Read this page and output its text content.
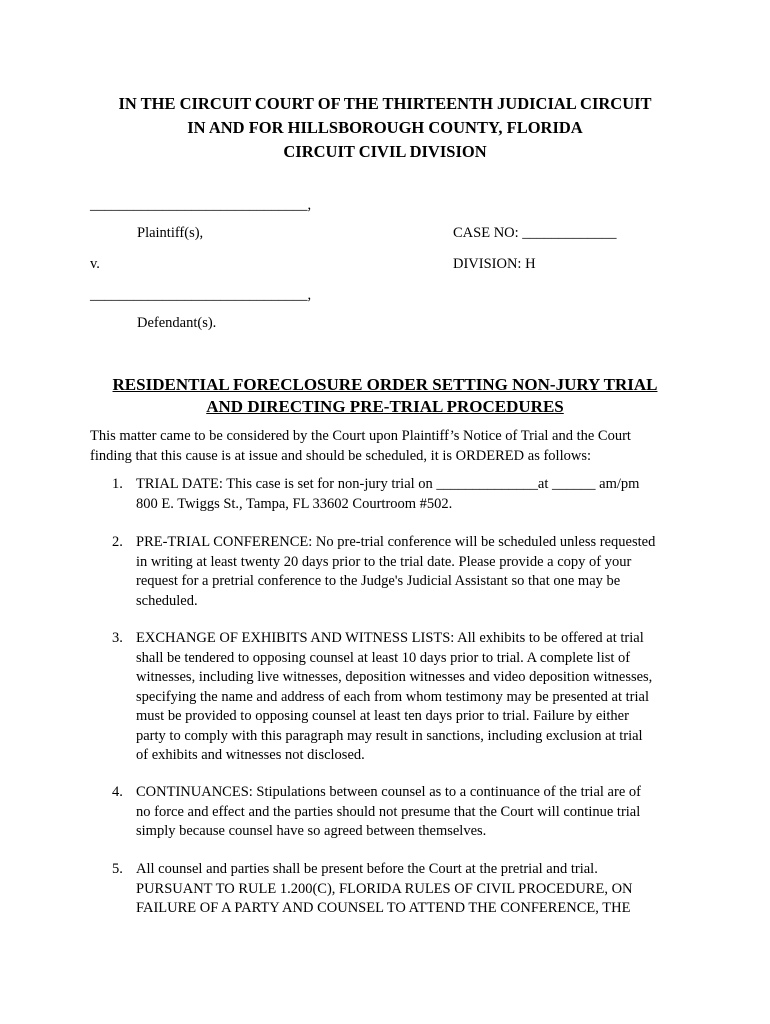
IN THE CIRCUIT COURT OF THE THIRTEENTH JUDICIAL CIRCUIT
IN AND FOR HILLSBOROUGH COUNTY, FLORIDA
CIRCUIT CIVIL DIVISION
______________________________,
Plaintiff(s),
v.
______________________________,
Defendant(s).
CASE NO: _____________
DIVISION: H
RESIDENTIAL FORECLOSURE ORDER SETTING NON-JURY TRIAL
AND DIRECTING PRE-TRIAL PROCEDURES
This matter came to be considered by the Court upon Plaintiff’s Notice of Trial and the Court
finding that this cause is at issue and should be scheduled, it is ORDERED as follows:
1. TRIAL DATE: This case is set for non-jury trial on ______________at ______ am/pm
800 E. Twiggs St., Tampa, FL 33602 Courtroom #502.
2. PRE-TRIAL CONFERENCE: No pre-trial conference will be scheduled unless requested
in writing at least twenty 20 days prior to the trial date. Please provide a copy of your
request for a pretrial conference to the Judge's Judicial Assistant so that one may be
scheduled.
3. EXCHANGE OF EXHIBITS AND WITNESS LISTS: All exhibits to be offered at trial
shall be tendered to opposing counsel at least 10 days prior to trial. A complete list of
witnesses, including live witnesses, deposition witnesses and video deposition witnesses,
specifying the name and address of each from whom testimony may be presented at trial
must be provided to opposing counsel at least ten days prior to trial. Failure by either
party to comply with this paragraph may result in sanctions, including exclusion at trial
of exhibits and witnesses not disclosed.
4. CONTINUANCES: Stipulations between counsel as to a continuance of the trial are of
no force and effect and the parties should not presume that the Court will continue trial
simply because counsel have so agreed between themselves.
5. All counsel and parties shall be present before the Court at the pretrial and trial.
PURSUANT TO RULE 1.200(C), FLORIDA RULES OF CIVIL PROCEDURE, ON
FAILURE OF A PARTY AND COUNSEL TO ATTEND THE CONFERENCE, THE
